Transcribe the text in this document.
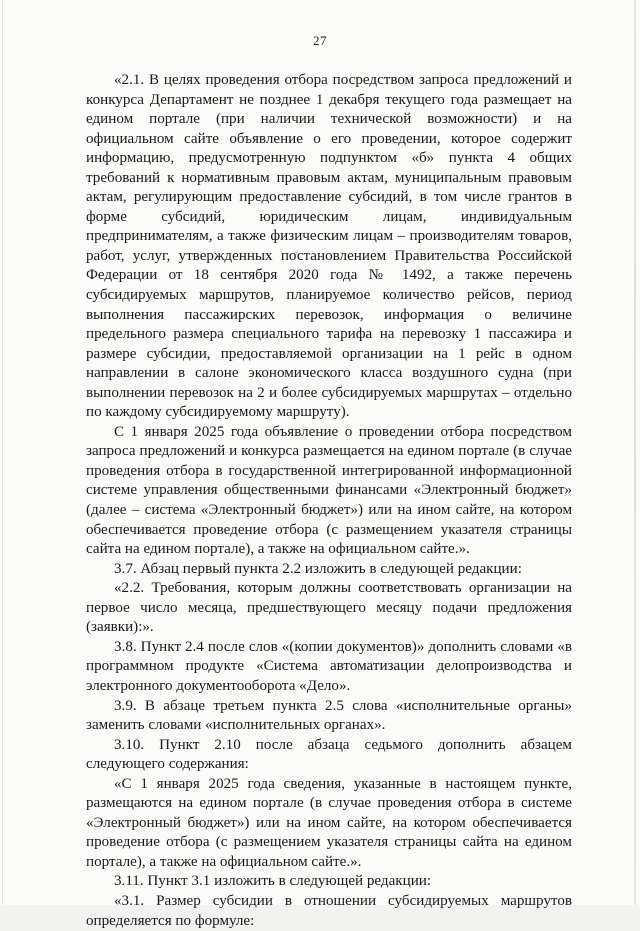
27

«2.1. В целях проведения отбора посредством запроса предложений и конкурса Департамент не позднее 1 декабря текущего года размещает на едином портале (при наличии технической возможности) и на официальном сайте объявление о его проведении, которое содержит информацию, предусмотренную подпунктом «б» пункта 4 общих требований к нормативным правовым актам, муниципальным правовым актам, регулирующим предоставление субсидий, в том числе грантов в форме субсидий, юридическим лицам, индивидуальным предпринимателям, а также физическим лицам – производителям товаров, работ, услуг, утвержденных постановлением Правительства Российской Федерации от 18 сентября 2020 года № 1492, а также перечень субсидируемых маршрутов, планируемое количество рейсов, период выполнения пассажирских перевозок, информация о величине предельного размера специального тарифа на перевозку 1 пассажира и размере субсидии, предоставляемой организации на 1 рейс в одном направлении в салоне экономического класса воздушного судна (при выполнении перевозок на 2 и более субсидируемых маршрутах – отдельно по каждому субсидируемому маршруту).

С 1 января 2025 года объявление о проведении отбора посредством запроса предложений и конкурса размещается на едином портале (в случае проведения отбора в государственной интегрированной информационной системе управления общественными финансами «Электронный бюджет» (далее – система «Электронный бюджет») или на ином сайте, на котором обеспечивается проведение отбора (с размещением указателя страницы сайта на едином портале), а также на официальном сайте.».

3.7. Абзац первый пункта 2.2 изложить в следующей редакции:

«2.2. Требования, которым должны соответствовать организации на первое число месяца, предшествующего месяцу подачи предложения (заявки):».

3.8. Пункт 2.4 после слов «(копии документов)» дополнить словами «в программном продукте «Система автоматизации делопроизводства и электронного документооборота «Дело».

3.9. В абзаце третьем пункта 2.5 слова «исполнительные органы» заменить словами «исполнительных органах».

3.10. Пункт 2.10 после абзаца седьмого дополнить абзацем следующего содержания:

«С 1 января 2025 года сведения, указанные в настоящем пункте, размещаются на едином портале (в случае проведения отбора в системе «Электронный бюджет») или на ином сайте, на котором обеспечивается проведение отбора (с размещением указателя страницы сайта на едином портале), а также на официальном сайте.».

3.11. Пункт 3.1 изложить в следующей редакции:

«3.1. Размер субсидии в отношении субсидируемых маршрутов определяется по формуле:
